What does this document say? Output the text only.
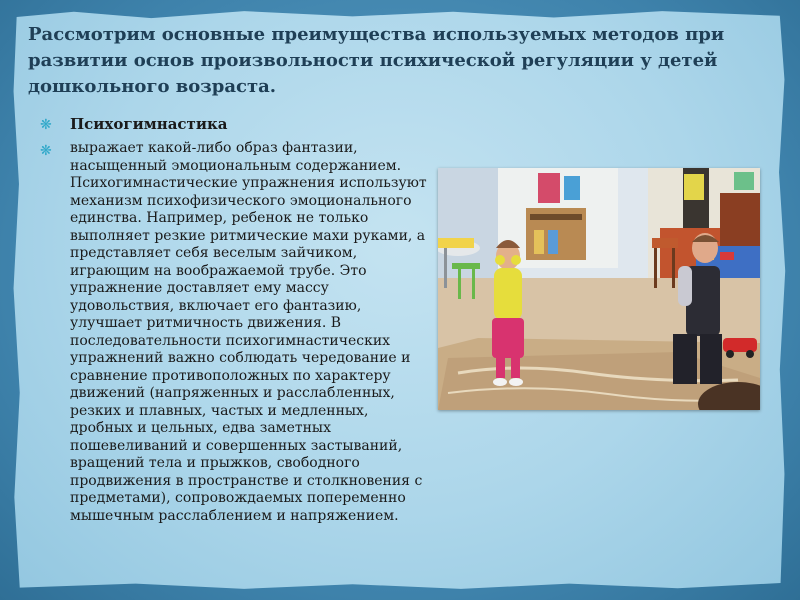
Рассмотрим основные преимущества используемых методов при развитии основ произвольности психической регуляции у детей дошкольного возраста.
❋ Психогимнастика
❋ выражает какой-либо образ фантазии, насыщенный эмоциональным содержанием. Психогимнастические упражнения используют механизм психофизического эмоционального единства. Например, ребенок не только выполняет резкие ритмические махи руками, а представляет себя веселым зайчиком, играющим на воображаемой трубе. Это упражнение доставляет ему массу удовольствия, включает его фантазию, улучшает ритмичность движения. В последовательности психогимнастических упражнений важно соблюдать чередование и сравнение противоположных по характеру движений (напряженных и расслабленных, резких и плавных, частых и медленных, дробных и цельных, едва заметных пошевеливаний и совершенных застываний, вращений тела и прыжков, свободного продвижения в пространстве и столкновения с предметами), сопровождаемых попеременно мышечным расслаблением и напряжением.
